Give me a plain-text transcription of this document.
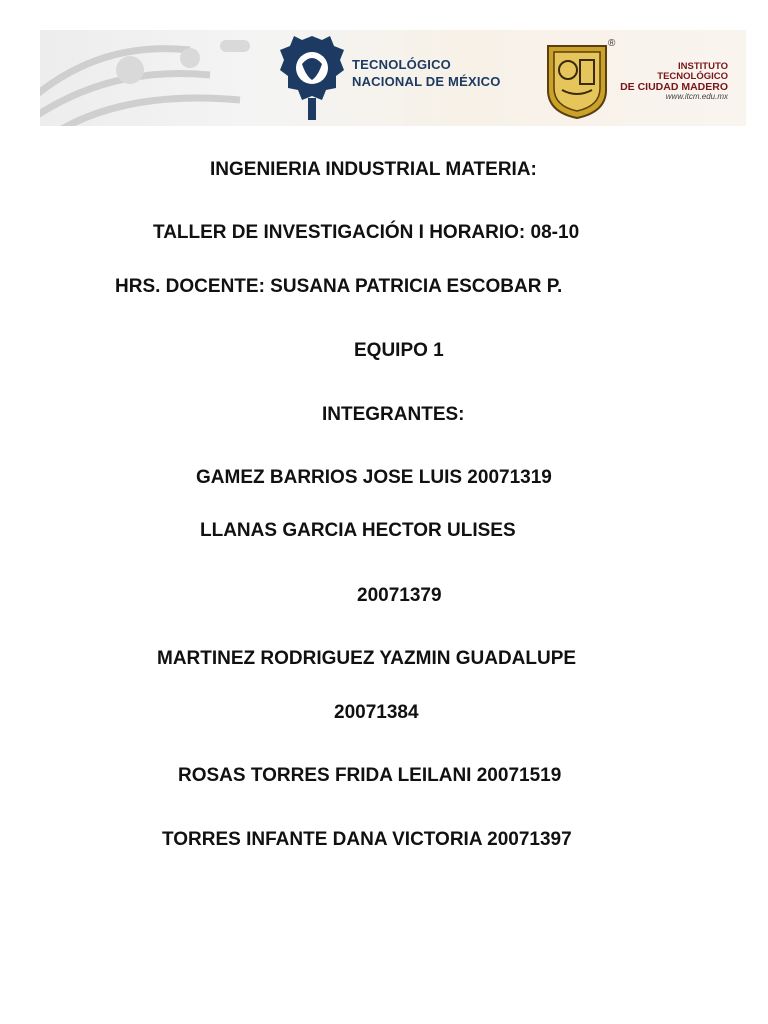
TECNOLÓGICO
NACIONAL DE MÉXICO
®
INSTITUTO TECNOLÓGICO
DE CIUDAD MADERO
www.itcm.edu.mx
INGENIERIA INDUSTRIAL MATERIA:
TALLER DE INVESTIGACIÓN I HORARIO: 08-10
HRS. DOCENTE: SUSANA PATRICIA ESCOBAR P.
EQUIPO 1
INTEGRANTES:
GAMEZ BARRIOS JOSE LUIS 20071319
LLANAS GARCIA HECTOR ULISES
20071379
MARTINEZ RODRIGUEZ YAZMIN GUADALUPE
20071384
ROSAS TORRES FRIDA LEILANI 20071519
TORRES INFANTE DANA VICTORIA 20071397
